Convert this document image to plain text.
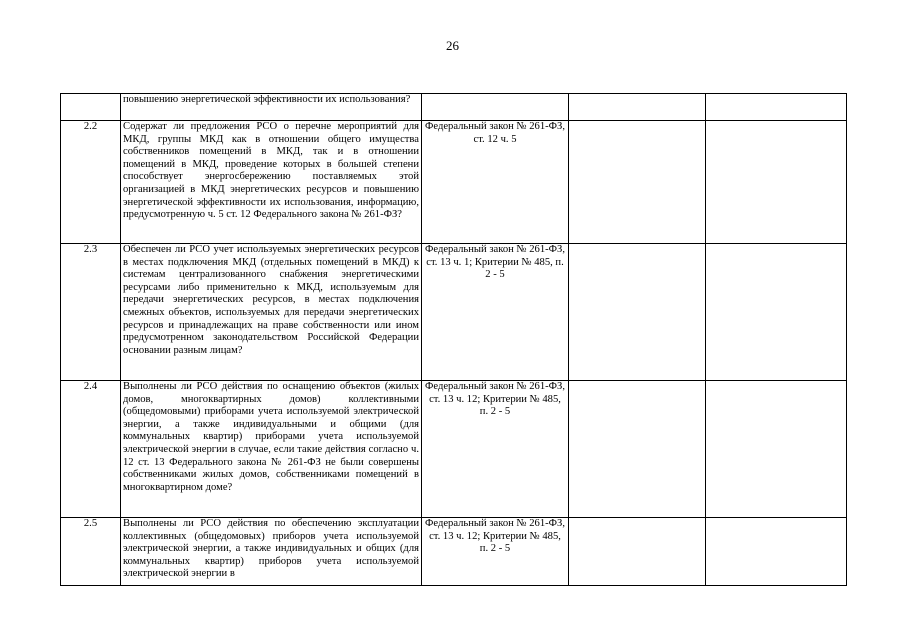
26
	повышению энергетической эффективности их использования?			
2.2	Содержат ли предложения РСО о перечне мероприятий для МКД, группы МКД как в отношении общего имущества собственников помещений в МКД, так и в отношении помещений в МКД, проведение которых в большей степени способствует энергосбережению поставляемых этой организацией в МКД энергетических ресурсов и повышению энергетической эффективности их использования, информацию, предусмотренную ч. 5 ст. 12 Федерального закона № 261-ФЗ?	Федеральный закон № 261-ФЗ, ст. 12 ч. 5		
2.3	Обеспечен ли РСО учет используемых энергетических ресурсов в местах подключения МКД (отдельных помещений в МКД) к системам централизованного снабжения энергетическими ресурсами либо применительно к МКД, используемым для передачи энергетических ресурсов, в местах подключения смежных объектов, используемых для передачи энергетических ресурсов и принадлежащих на праве собственности или ином предусмотренном законодательством Российской Федерации основании разным лицам?	Федеральный закон № 261-ФЗ, ст. 13 ч. 1; Критерии № 485, п. 2 - 5		
2.4	Выполнены ли РСО действия по оснащению объектов (жилых домов, многоквартирных домов) коллективными (общедомовыми) приборами учета используемой электрической энергии, а также индивидуальными и общими (для коммунальных квартир) приборами учета используемой электрической энергии в случае, если такие действия согласно ч. 12 ст. 13 Федерального закона № 261-ФЗ не были совершены собственниками жилых домов, собственниками помещений в многоквартирном доме?	Федеральный закон № 261-ФЗ, ст. 13 ч. 12; Критерии № 485, п. 2 - 5		
2.5	Выполнены ли РСО действия по обеспечению эксплуатации коллективных (общедомовых) приборов учета используемой электрической энергии, а также индивидуальных и общих (для коммунальных квартир) приборов учета используемой электрической энергии в	Федеральный закон № 261-ФЗ, ст. 13 ч. 12; Критерии № 485, п. 2 - 5		
